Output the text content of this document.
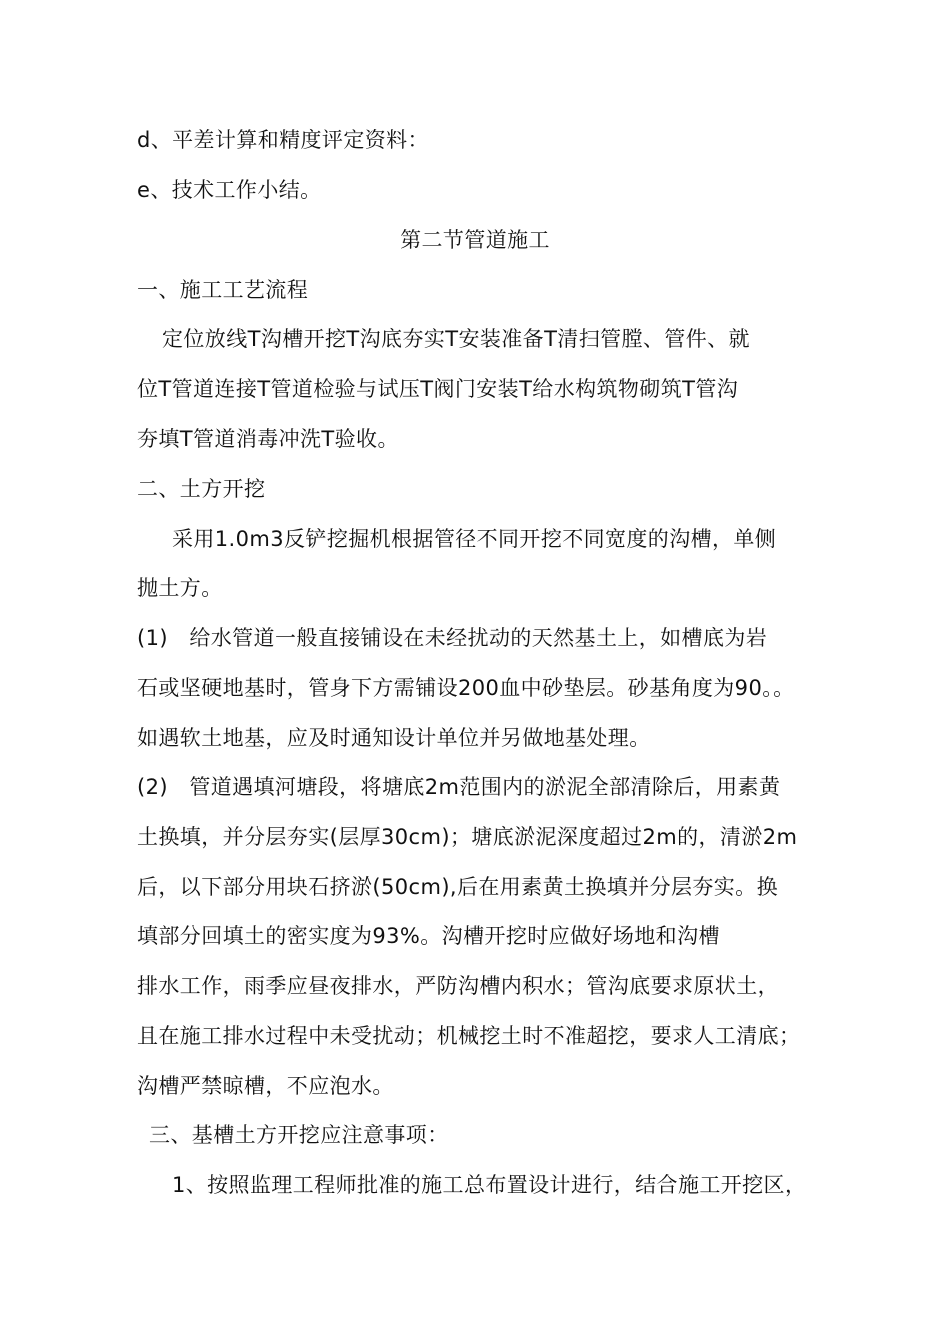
d、平差计算和精度评定资料：
e、技术工作小结。
第二节管道施工
一、施工工艺流程
定位放线T沟槽开挖T沟底夯实T安装准备T清扫管膛、管件、就
位T管道连接T管道检验与试压T阀门安装T给水构筑物砌筑T管沟
夯填T管道消毒冲洗T验收。
二、土方开挖
采用1.0m3反铲挖掘机根据管径不同开挖不同宽度的沟槽，单侧
抛土方。
(1)　给水管道一般直接铺设在未经扰动的天然基土上，如槽底为岩
石或坚硬地基时，管身下方需铺设200血中砂垫层。砂基角度为90。。
如遇软土地基，应及时通知设计单位并另做地基处理。
(2)　管道遇填河塘段，将塘底2m范围内的淤泥全部清除后，用素黄
土换填，并分层夯实(层厚30cm)；塘底淤泥深度超过2m的，清淤2m
后，以下部分用块石挤淤(50cm),后在用素黄土换填并分层夯实。换
填部分回填土的密实度为93%。沟槽开挖时应做好场地和沟槽
排水工作，雨季应昼夜排水，严防沟槽内积水；管沟底要求原状土，
且在施工排水过程中未受扰动；机械挖土时不准超挖，要求人工清底；
沟槽严禁晾槽，不应泡水。
三、基槽土方开挖应注意事项：
1、按照监理工程师批准的施工总布置设计进行，结合施工开挖区，
